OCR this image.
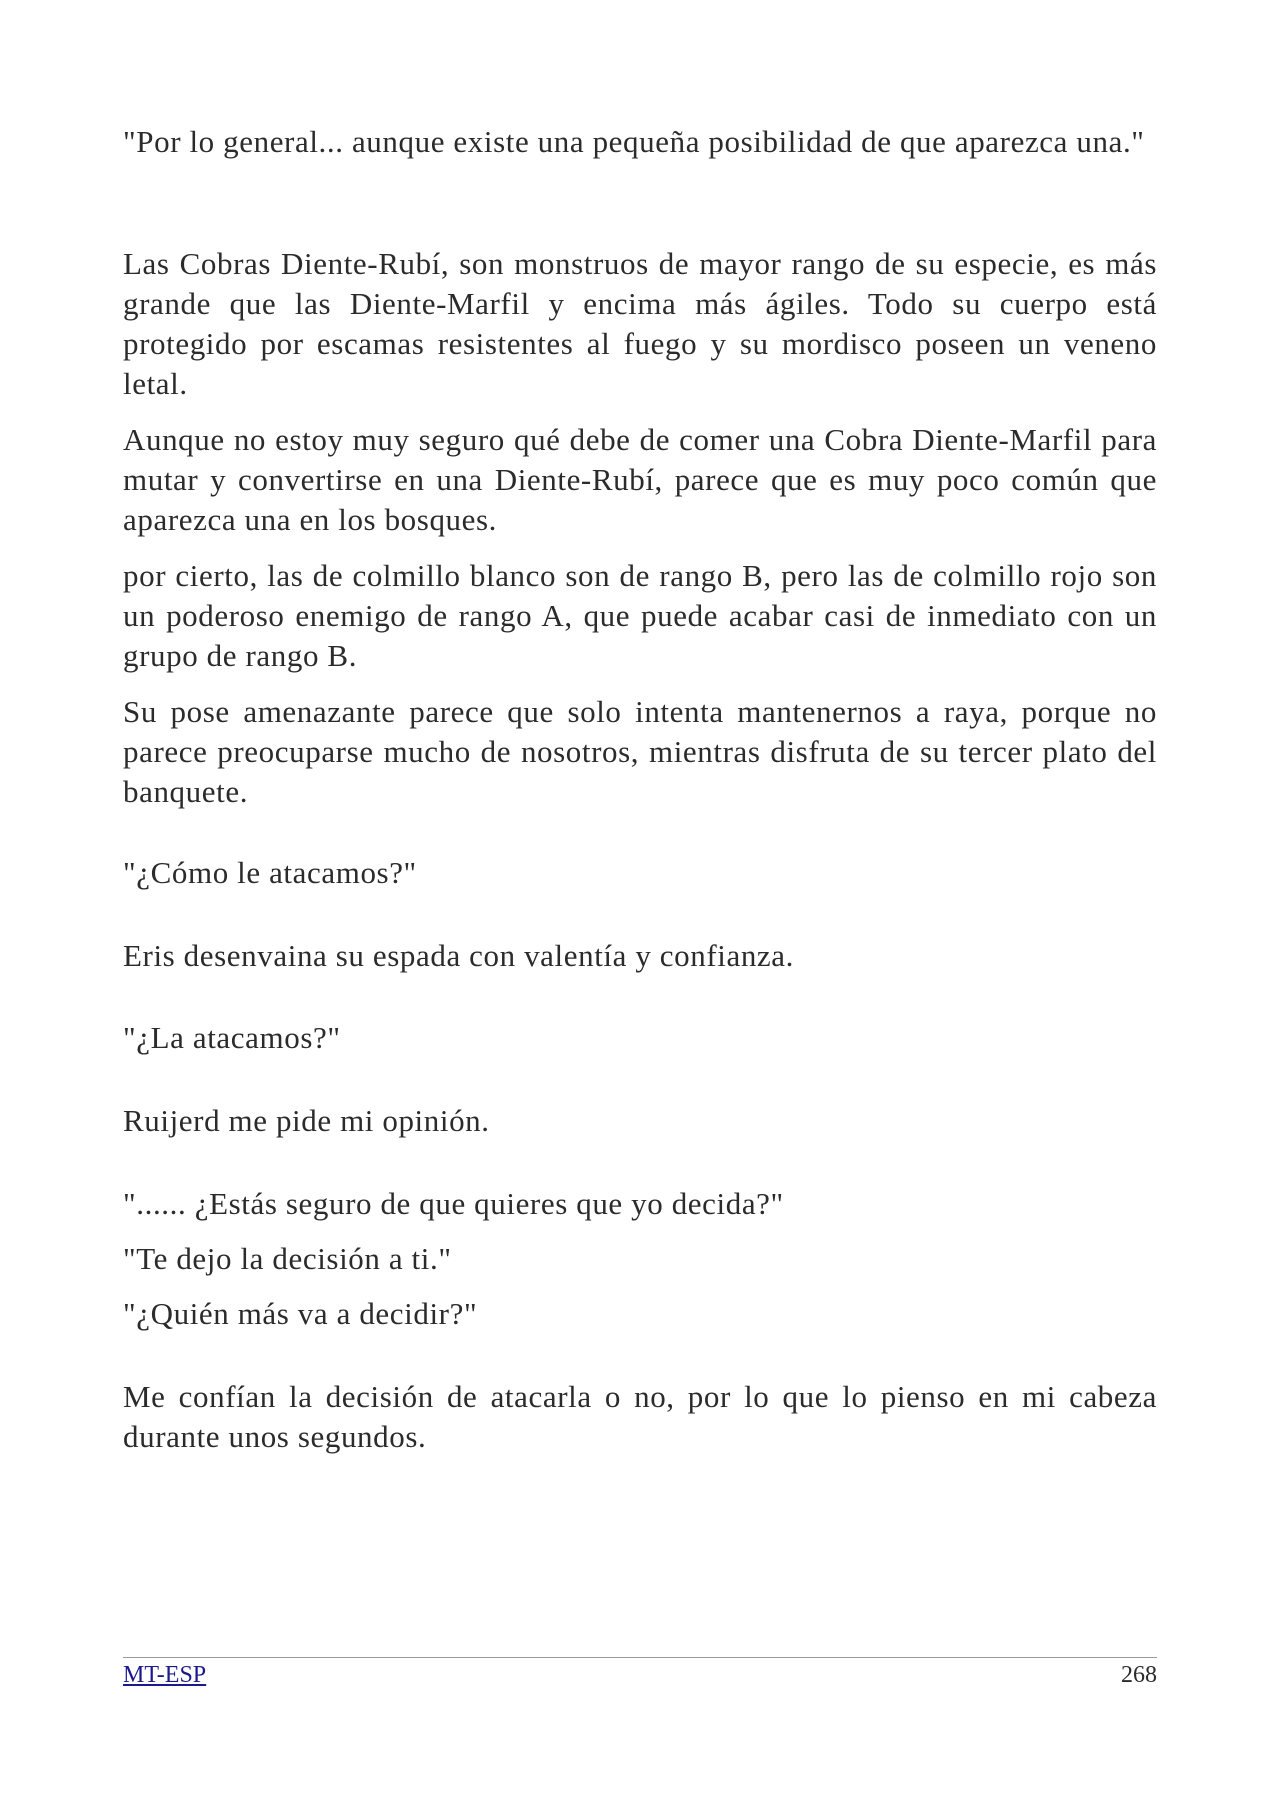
"Por lo general... aunque existe una pequeña posibilidad de que aparezca una."

Las Cobras Diente-Rubí, son monstruos de mayor rango de su especie, es más grande que las Diente-Marfil y encima más ágiles. Todo su cuerpo está protegido por escamas resistentes al fuego y su mordisco poseen un veneno letal.

Aunque no estoy muy seguro qué debe de comer una Cobra Diente-Marfil para mutar y convertirse en una Diente-Rubí, parece que es muy poco común que aparezca una en los bosques.

por cierto, las de colmillo blanco son de rango B, pero las de colmillo rojo son un poderoso enemigo de rango A, que puede acabar casi de inmediato con un grupo de rango B.

Su pose amenazante parece que solo intenta mantenernos a raya, porque no parece preocuparse mucho de nosotros, mientras disfruta de su tercer plato del banquete.

"¿Cómo le atacamos?"

Eris desenvaina su espada con valentía y confianza.

"¿La atacamos?"

Ruijerd me pide mi opinión.

"...... ¿Estás seguro de que quieres que yo decida?"

"Te dejo la decisión a ti."

"¿Quién más va a decidir?"

Me confían la decisión de atacarla o no, por lo que lo pienso en mi cabeza durante unos segundos.

MT-ESP	268
